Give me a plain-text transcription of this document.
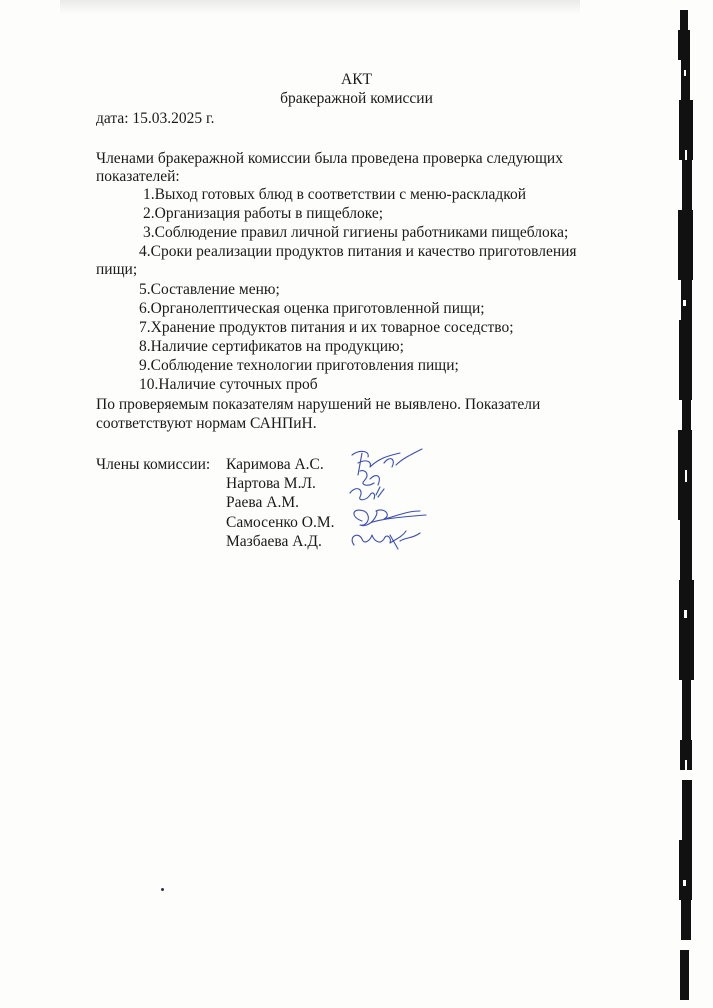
АКТ
бракеражной комиссии
дата: 15.03.2025 г.
Членами бракеражной комиссии была проведена проверка следующих
показателей:
1.Выход готовых блюд в соответствии с меню-раскладкой
2.Организация работы в пищеблоке;
3.Соблюдение правил личной гигиены работниками пищеблока;
4.Сроки реализации продуктов питания и качество приготовления
пищи;
5.Составление меню;
6.Органолептическая оценка приготовленной пищи;
7.Хранение продуктов питания и их товарное соседство;
8.Наличие сертификатов на продукцию;
9.Соблюдение технологии приготовления пищи;
10.Наличие суточных проб
По проверяемым показателям нарушений не выявлено. Показатели
соответствуют нормам САНПиН.
Члены комиссии: Каримова А.С.
Нартова М.Л.
Раева А.М.
Самосенко О.М.
Мазбаева А.Д.
